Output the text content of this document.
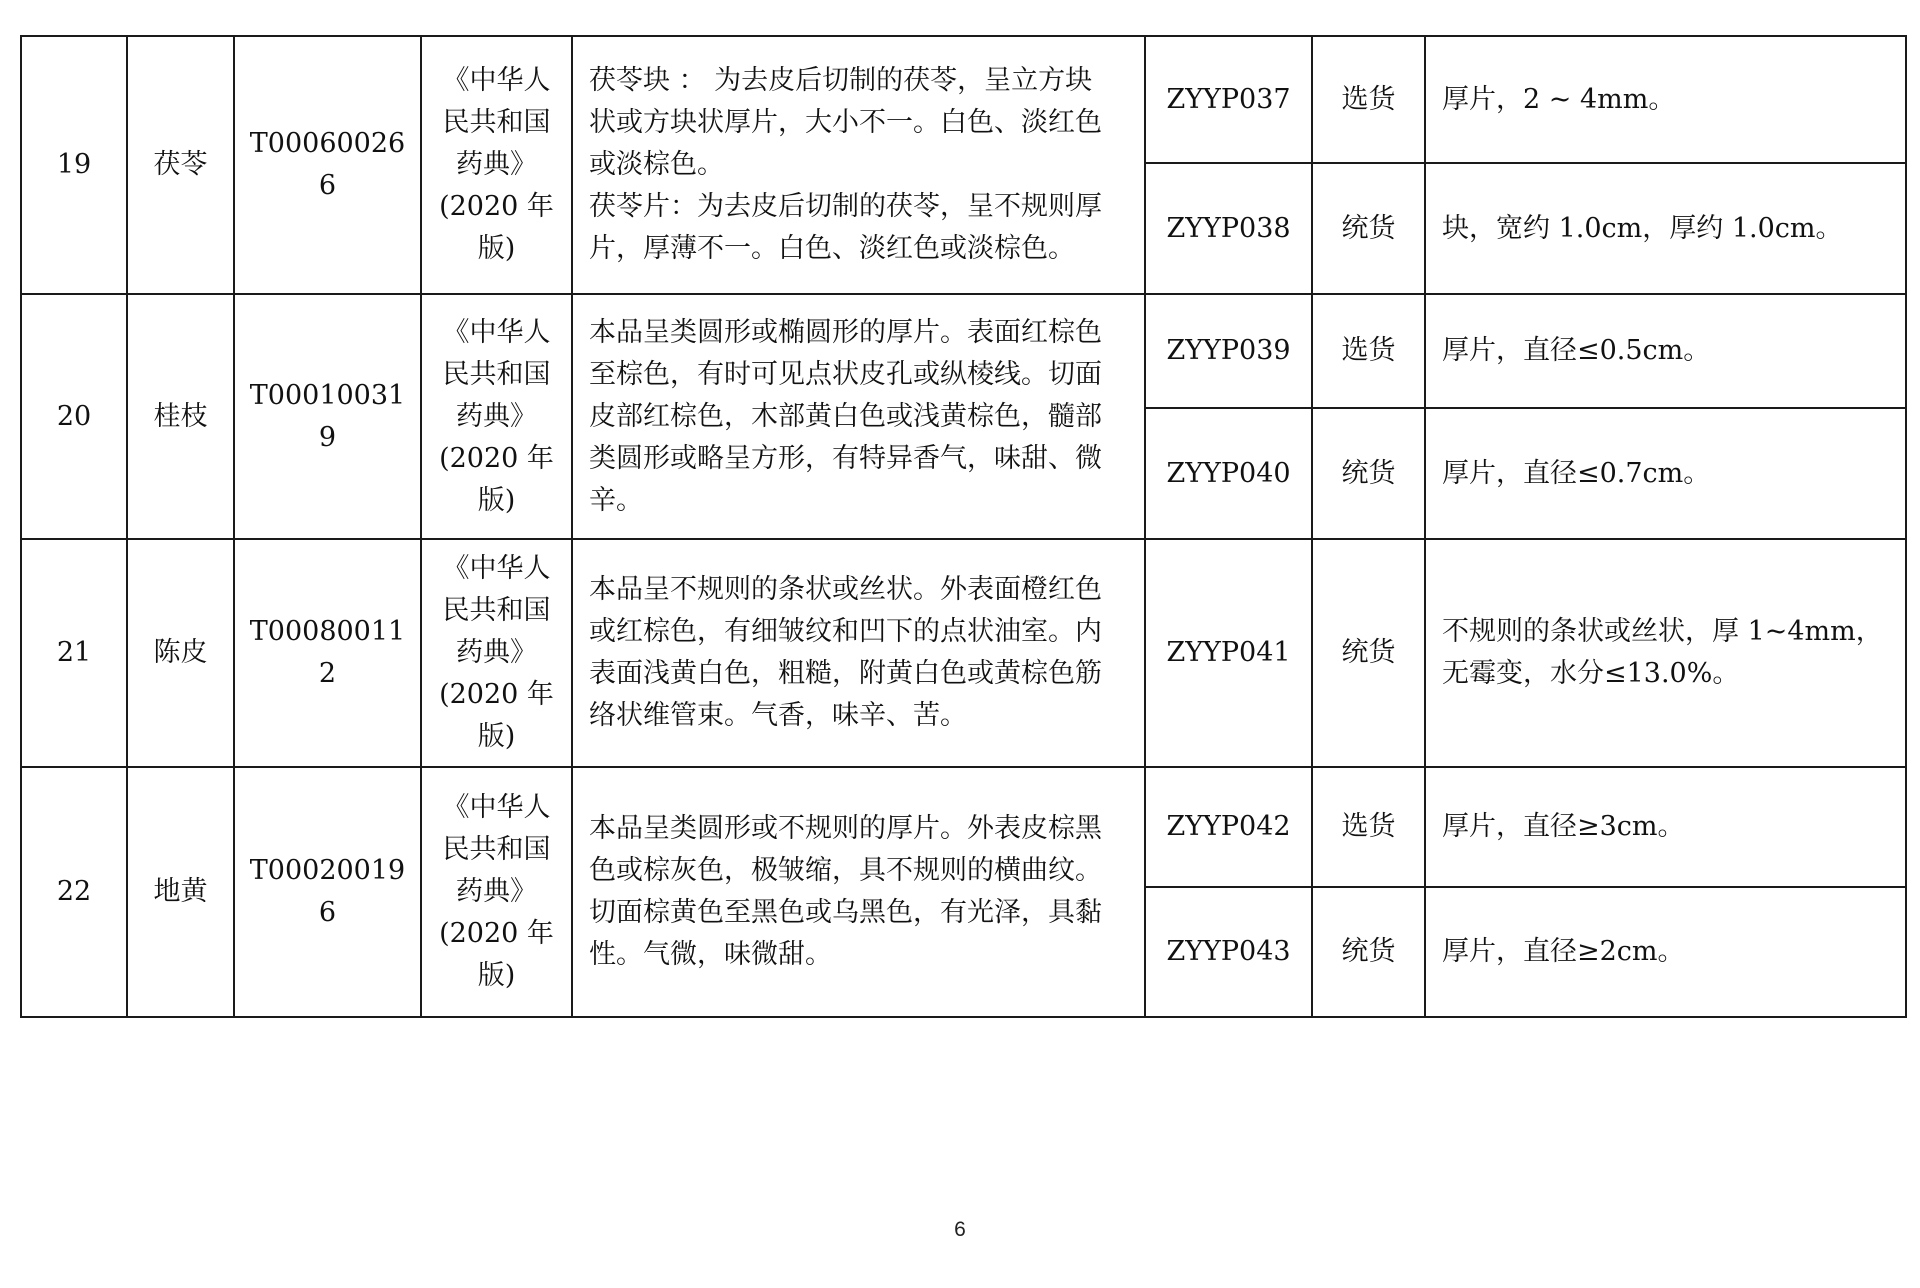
19	茯苓	T000600266	《中华人
民共和国
药典》
(2020 年
版)	茯苓块 ： 为去皮后切制的茯苓，呈立方块
状或方块状厚片，大小不一。白色、淡红色
或淡棕色。
茯苓片：为去皮后切制的茯苓，呈不规则厚
片，厚薄不一。白色、淡红色或淡棕色。	ZYYP037	选货	厚片，2 ~ 4mm。
					ZYYP038	统货	块，宽约 1.0cm，厚约 1.0cm。
20	桂枝	T000100319	《中华人
民共和国
药典》
(2020 年
版)	本品呈类圆形或椭圆形的厚片。表面红棕色
至棕色，有时可见点状皮孔或纵棱线。切面
皮部红棕色，木部黄白色或浅黄棕色，髓部
类圆形或略呈方形，有特异香气，味甜、微
辛。	ZYYP039	选货	厚片，直径≤0.5cm。
					ZYYP040	统货	厚片，直径≤0.7cm。
21	陈皮	T000800112	《中华人
民共和国
药典》
(2020 年
版)	本品呈不规则的条状或丝状。外表面橙红色
或红棕色，有细皱纹和凹下的点状油室。内
表面浅黄白色，粗糙，附黄白色或黄棕色筋
络状维管束。气香，味辛、苦。	ZYYP041	统货	不规则的条状或丝状，厚 1~4mm，无霉变，水分≤13.0%。
22	地黄	T000200196	《中华人
民共和国
药典》
(2020 年
版)	本品呈类圆形或不规则的厚片。外表皮棕黑
色或棕灰色，极皱缩，具不规则的横曲纹。
切面棕黄色至黑色或乌黑色，有光泽，具黏
性。气微，味微甜。	ZYYP042	选货	厚片，直径≥3cm。
					ZYYP043	统货	厚片，直径≥2cm。
6
